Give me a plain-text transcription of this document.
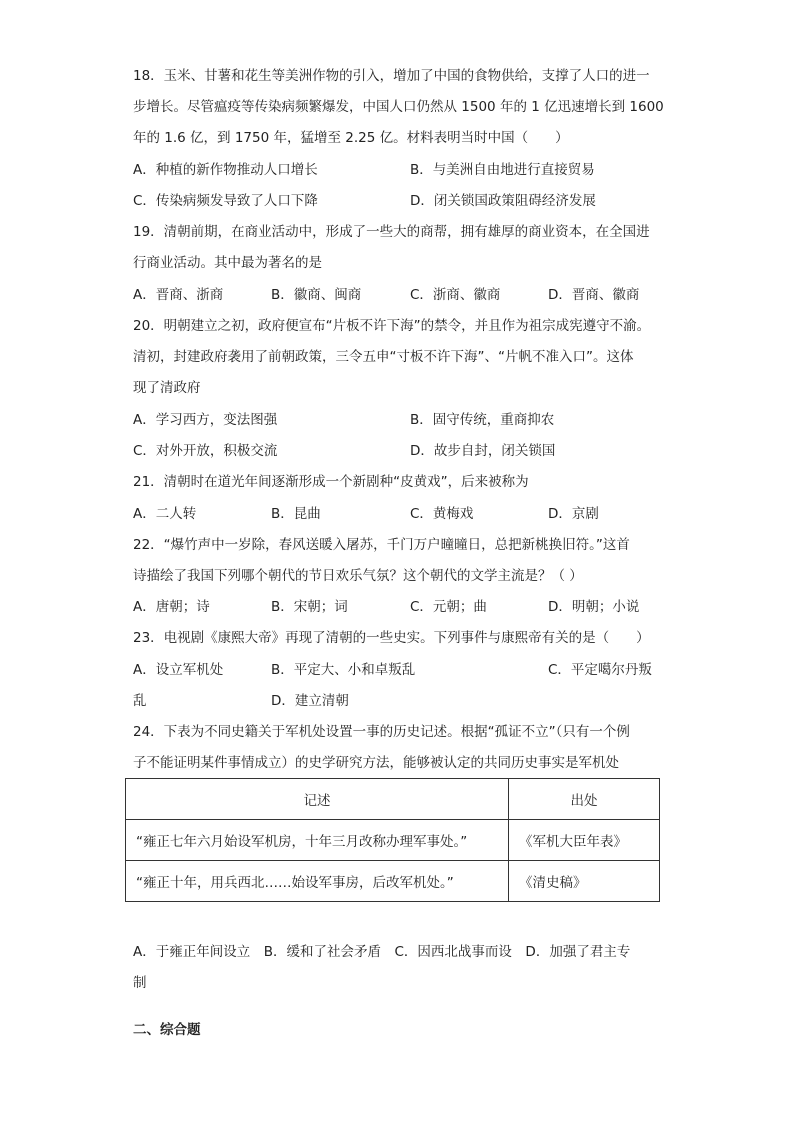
18．玉米、甘薯和花生等美洲作物的引入，增加了中国的食物供给，支撑了人口的进一
步增长。尽管瘟疫等传染病频繁爆发，中国人口仍然从 1500 年的 1 亿迅速增长到 1600
年的 1.6 亿，到 1750 年，猛增至 2.25 亿。材料表明当时中国（　　）
A．种植的新作物推动人口增长	B．与美洲自由地进行直接贸易
C．传染病频发导致了人口下降	D．闭关锁国政策阻碍经济发展
19．清朝前期，在商业活动中，形成了一些大的商帮，拥有雄厚的商业资本，在全国进
行商业活动。其中最为著名的是
A．晋商、浙商	B．徽商、闽商	C．浙商、徽商	D．晋商、徽商
20．明朝建立之初，政府便宣布“片板不许下海”的禁令，并且作为祖宗成宪遵守不渝。
清初，封建政府袭用了前朝政策，三令五申“寸板不许下海”、“片帆不准入口”。这体
现了清政府
A．学习西方，变法图强	B．固守传统，重商抑农
C．对外开放，积极交流	D．故步自封，闭关锁国
21．清朝时在道光年间逐渐形成一个新剧种“皮黄戏”，后来被称为
A．二人转	B．昆曲	C．黄梅戏	D．京剧
22．“爆竹声中一岁除，春风送暖入屠苏，千门万户曈曈日，总把新桃换旧符。”这首
诗描绘了我国下列哪个朝代的节日欢乐气氛？这个朝代的文学主流是？（ ）
A．唐朝；诗	B．宋朝；词	C．元朝；曲	D．明朝；小说
23．电视剧《康熙大帝》再现了清朝的一些史实。下列事件与康熙帝有关的是（　　）
A．设立军机处	B．平定大、小和卓叛乱	C．平定噶尔丹叛
乱	D．建立清朝
24．下表为不同史籍关于军机处设置一事的历史记述。根据“孤证不立”（只有一个例
子不能证明某件事情成立）的史学研究方法，能够被认定的共同历史事实是军机处
记述	出处
“雍正七年六月始设军机房，十年三月改称办理军事处。”	《军机大臣年表》
“雍正十年，用兵西北……始设军事房，后改军机处。”	《清史稿》
A．于雍正年间设立　B．缓和了社会矛盾　C．因西北战事而设　D．加强了君主专
制
二、综合题
